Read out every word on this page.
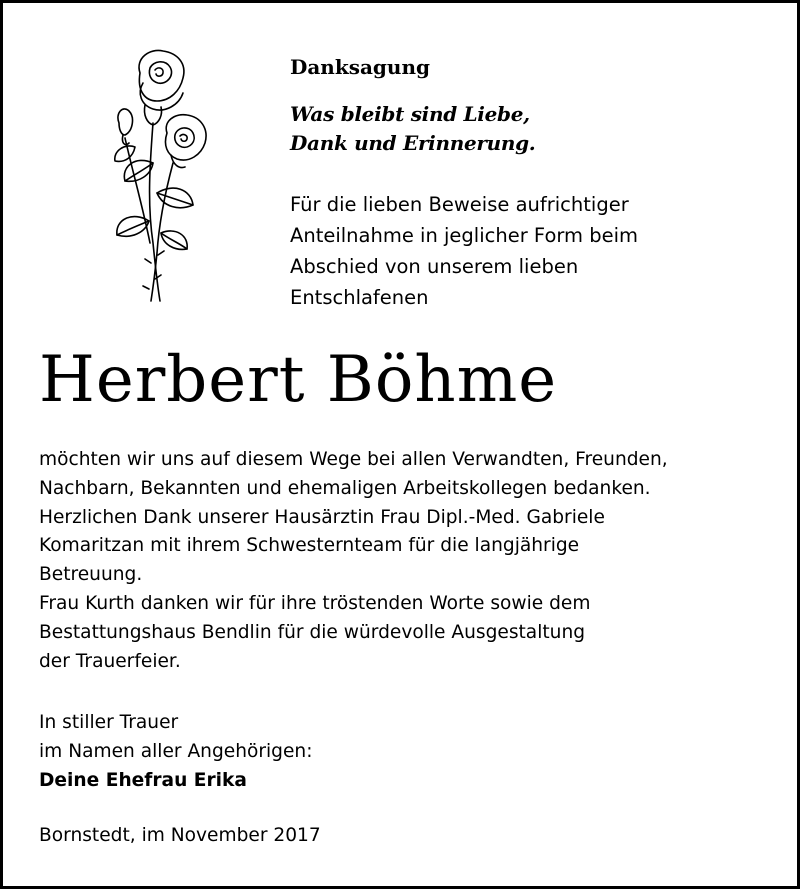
Danksagung

Was bleibt sind Liebe,
Dank und Erinnerung.

Für die lieben Beweise aufrichtiger
Anteilnahme in jeglicher Form beim
Abschied von unserem lieben
Entschlafenen
Herbert Böhme
möchten wir uns auf diesem Wege bei allen Verwandten, Freunden,
Nachbarn, Bekannten und ehemaligen Arbeitskollegen bedanken.
Herzlichen Dank unserer Hausärztin Frau Dipl.-Med. Gabriele
Komaritzan mit ihrem Schwesternteam für die langjährige
Betreuung.
Frau Kurth danken wir für ihre tröstenden Worte sowie dem
Bestattungshaus Bendlin für die würdevolle Ausgestaltung
der Trauerfeier.
In stiller Trauer
im Namen aller Angehörigen:
Deine Ehefrau Erika
Bornstedt, im November 2017
